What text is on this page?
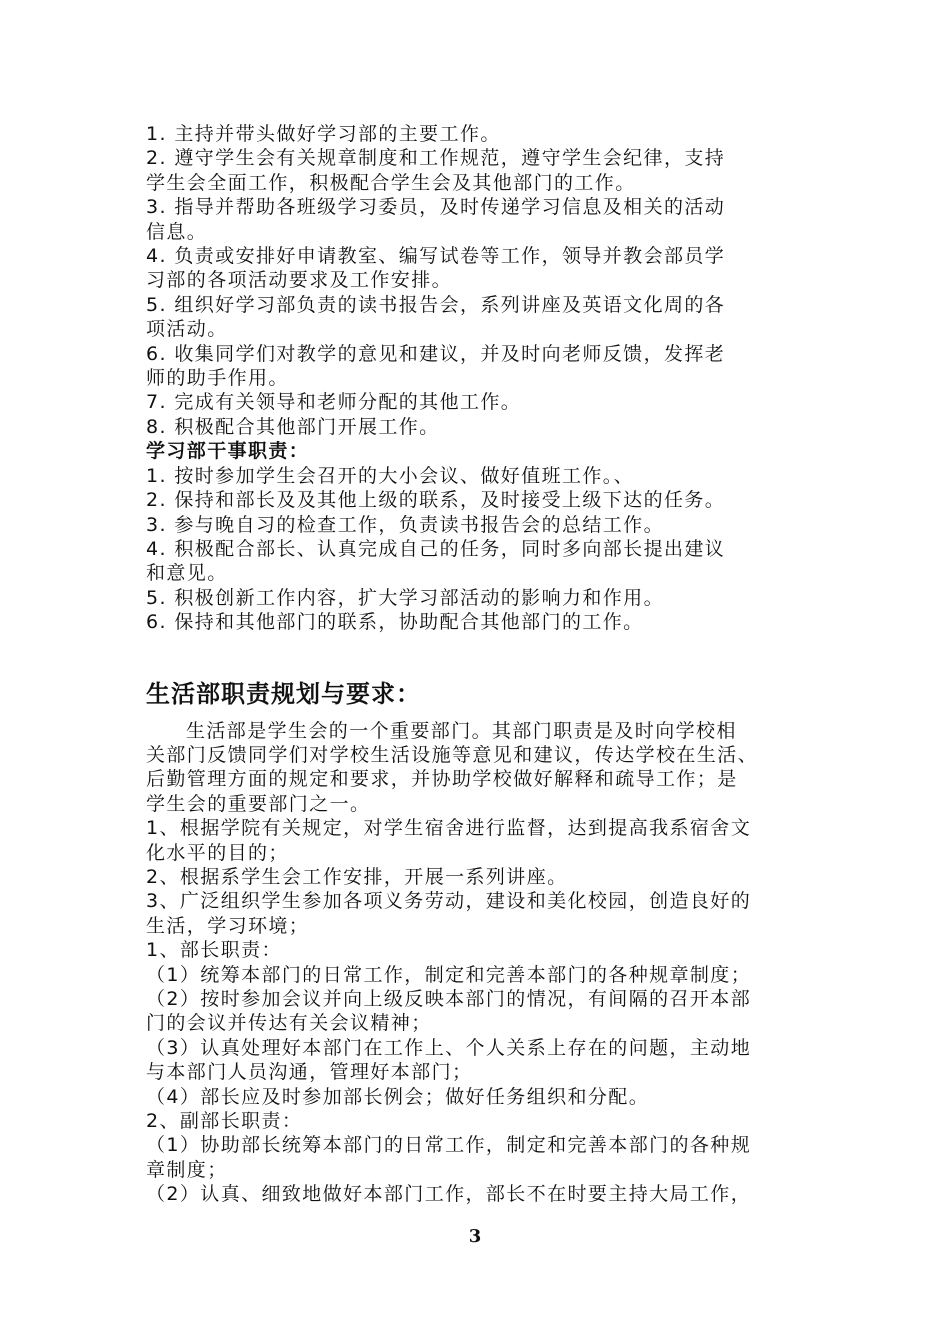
1. 主持并带头做好学习部的主要工作。
2. 遵守学生会有关规章制度和工作规范，遵守学生会纪律，支持
学生会全面工作，积极配合学生会及其他部门的工作。
3. 指导并帮助各班级学习委员，及时传递学习信息及相关的活动
信息。
4. 负责或安排好申请教室、编写试卷等工作，领导并教会部员学
习部的各项活动要求及工作安排。
5. 组织好学习部负责的读书报告会，系列讲座及英语文化周的各
项活动。
6. 收集同学们对教学的意见和建议，并及时向老师反馈，发挥老
师的助手作用。
7. 完成有关领导和老师分配的其他工作。
8. 积极配合其他部门开展工作。
学习部干事职责：
1. 按时参加学生会召开的大小会议、做好值班工作。、
2. 保持和部长及及其他上级的联系，及时接受上级下达的任务。
3. 参与晚自习的检查工作，负责读书报告会的总结工作。
4. 积极配合部长、认真完成自己的任务，同时多向部长提出建议
和意见。
5. 积极创新工作内容，扩大学习部活动的影响力和作用。
6. 保持和其他部门的联系，协助配合其他部门的工作。
生活部职责规划与要求：
生活部是学生会的一个重要部门。其部门职责是及时向学校相
关部门反馈同学们对学校生活设施等意见和建议，传达学校在生活、
后勤管理方面的规定和要求，并协助学校做好解释和疏导工作；是
学生会的重要部门之一。
1、根据学院有关规定，对学生宿舍进行监督，达到提高我系宿舍文
化水平的目的；
2、根据系学生会工作安排，开展一系列讲座。
3、广泛组织学生参加各项义务劳动，建设和美化校园，创造良好的
生活，学习环境；
1、部长职责：
（1）统筹本部门的日常工作，制定和完善本部门的各种规章制度；
（2）按时参加会议并向上级反映本部门的情况，有间隔的召开本部
门的会议并传达有关会议精神；
（3）认真处理好本部门在工作上、个人关系上存在的问题，主动地
与本部门人员沟通，管理好本部门；
（4）部长应及时参加部长例会；做好任务组织和分配。
2、副部长职责：
（1）协助部长统筹本部门的日常工作，制定和完善本部门的各种规
章制度；
（2）认真、细致地做好本部门工作，部长不在时要主持大局工作，
3
